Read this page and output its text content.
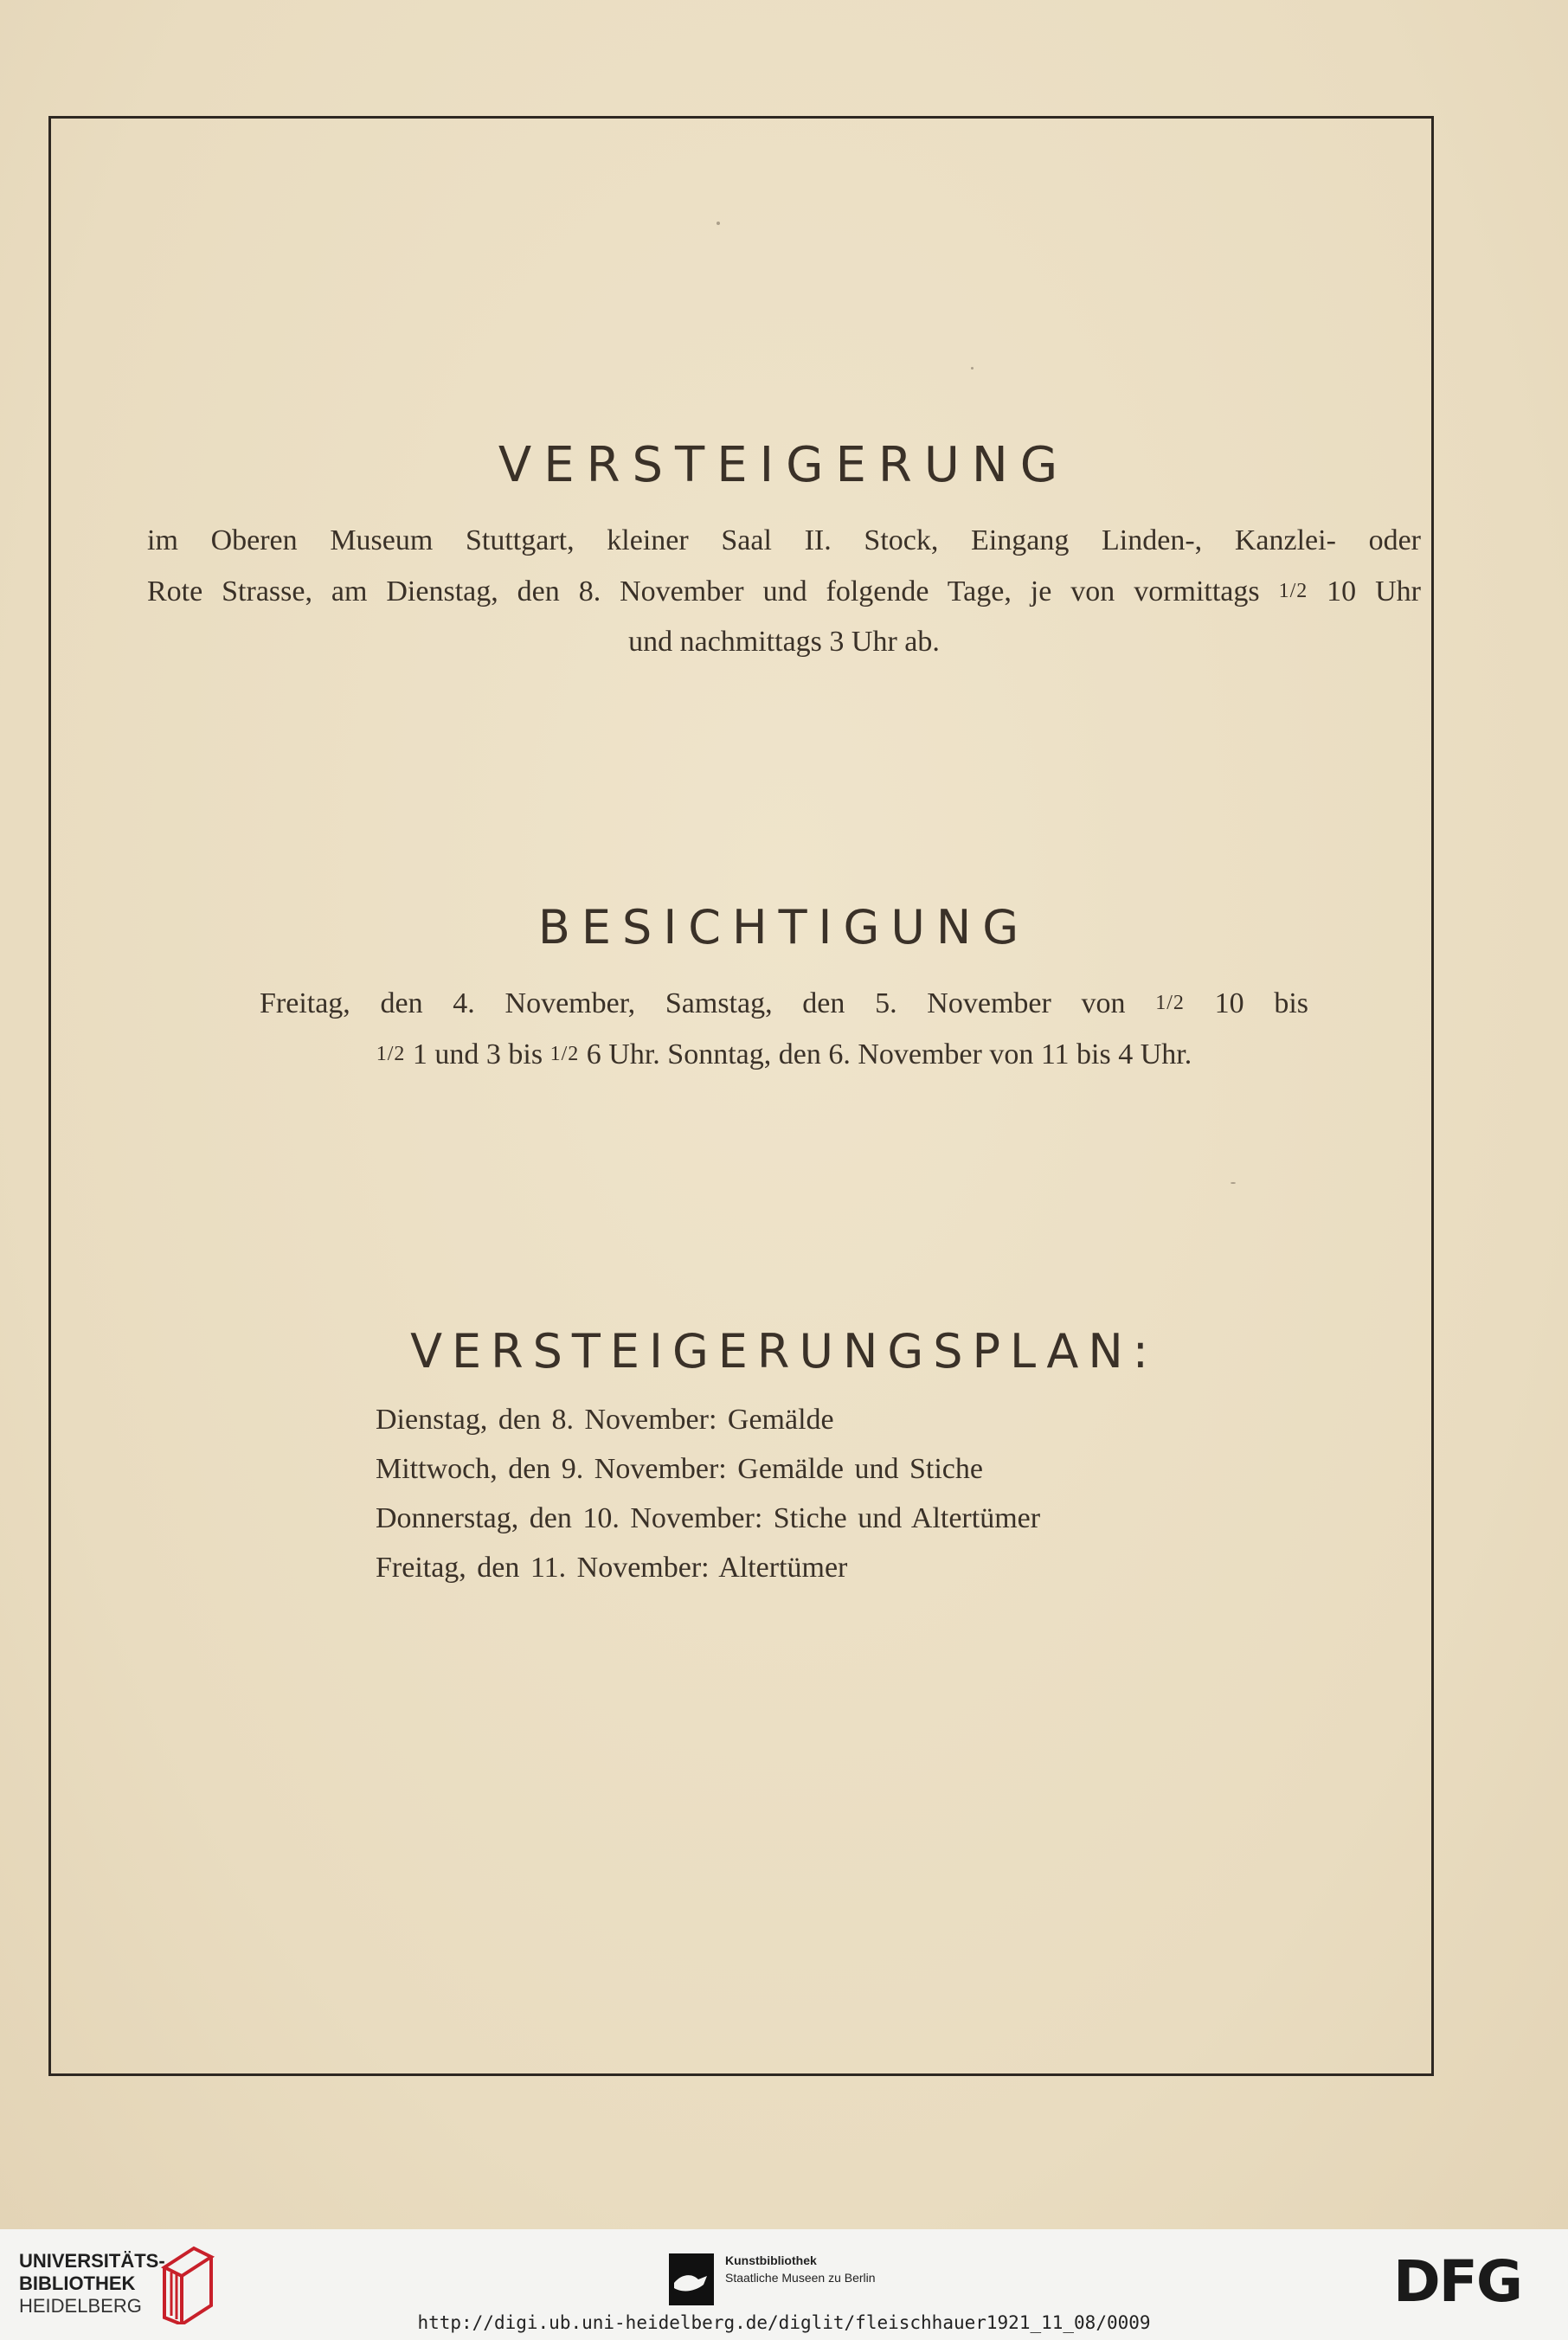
VERSTEIGERUNG
im Oberen Museum Stuttgart, kleiner Saal II. Stock, Eingang Linden-, Kanzlei- oder
Rote Strasse, am Dienstag, den 8. November und folgende Tage, je von vormittags 1/2 10 Uhr
und nachmittags 3 Uhr ab.
BESICHTIGUNG
Freitag, den 4. November, Samstag, den 5. November von 1/2 10 bis
1/2 1 und 3 bis 1/2 6 Uhr. Sonntag, den 6. November von 11 bis 4 Uhr.
VERSTEIGERUNGSPLAN:
Dienstag, den 8. November: Gemälde
Mittwoch, den 9. November: Gemälde und Stiche
Donnerstag, den 10. November: Stiche und Altertümer
Freitag, den 11. November: Altertümer
UNIVERSITÄTS-
BIBLIOTHEK
HEIDELBERG
Kunstbibliothek
Staatliche Museen zu Berlin	DFG
http://digi.ub.uni-heidelberg.de/diglit/fleischhauer1921_11_08/0009
